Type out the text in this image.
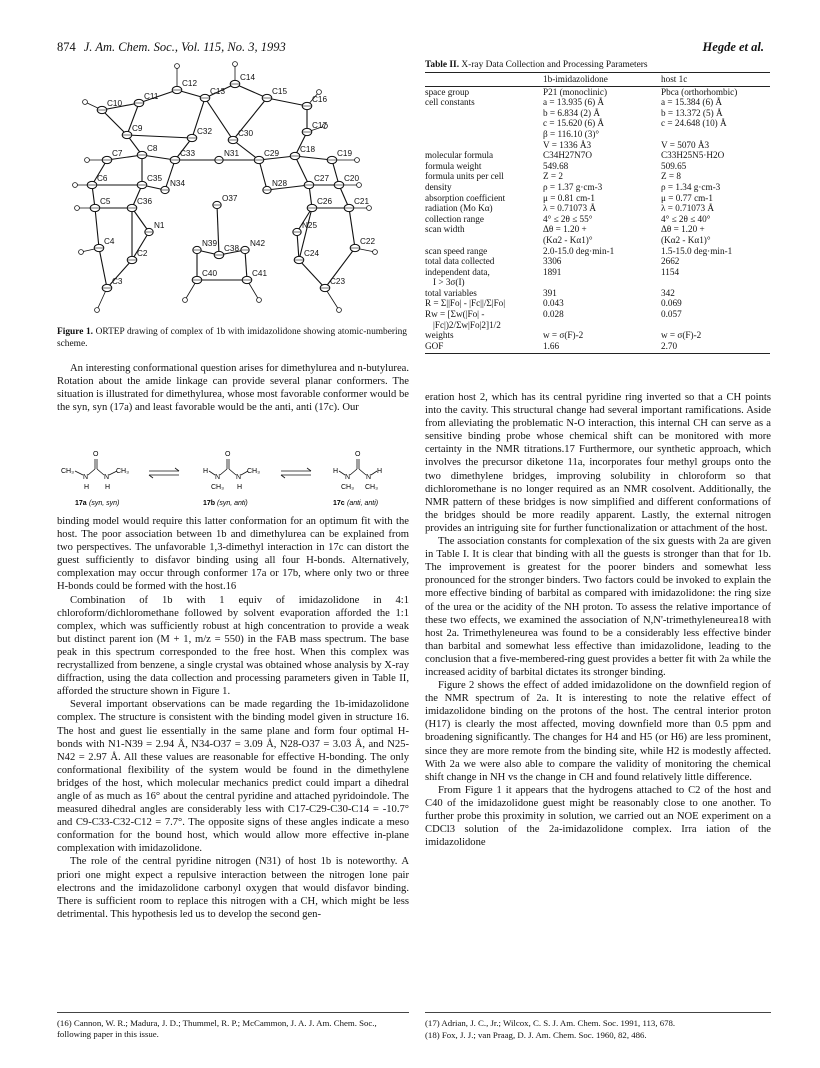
874 J. Am. Chem. Soc., Vol. 115, No. 3, 1993	Hegde et al.
C10
C11
C12
C13
C14
C15
C16
C9	C32	C30
C17
C8	C18
C7	C33	N31	C29	C19
C6	C35
N34	N28
C27 C20
C5	C36	O37	C26	C21
N1	N25
C4	N39
C38
N42	C22
C2	C24
C3
C40	C41
C23
Figure 1. ORTEP drawing of complex of 1b with imidazolidone showing atomic-numbering scheme.

An interesting conformational question arises for dimethylurea and n-butylurea. Rotation about the amide linkage can provide several planar conformers. The situation is illustrated for dimethylurea, whose most favorable conformer would be the syn, syn (17a) and least favorable would be the anti, anti (17c). Our

CH₃
N
O
N
CH₃
H H
H
N
O
N
CH₃
CH₃ H
H
N
O
N
H
CH₃ CH₃
17a (syn, syn)	17b (syn, anti)	17c (anti, anti)

binding model would require this latter conformation for an optimum fit with the host. The poor association between 1b and dimethylurea can be explained from two perspectives. The unfavorable 1,3-dimethyl interaction in 17c can distort the guest sufficiently to disfavor binding using all four H-bonds. Alternatively, complexation may occur through conformer 17a or 17b, where only two or three H-bonds could be formed with the host.16

Combination of 1b with 1 equiv of imidazolidone in 4:1 chloroform/dichloromethane followed by solvent evaporation afforded the 1:1 complex, which was sufficiently robust at high concentration to provide a weak but distinct parent ion (M + 1, m/z = 550) in the FAB mass spectrum. The base peak in this spectrum corresponded to the free host. When this complex was recrystallized from benzene, a single crystal was obtained whose analysis by X-ray diffraction, using the data collection and processing parameters given in Table II, afforded the structure shown in Figure 1.

Several important observations can be made regarding the 1b-imidazolidone complex. The structure is consistent with the binding model given in structure 16. The host and guest lie essentially in the same plane and form four optimal H-bonds with N1-N39 = 2.94 Å, N34-O37 = 3.09 Å, N28-O37 = 3.03 Å, and N25-N42 = 2.97 Å. All these values are reasonable for effective H-bonding. The only conformational flexibility of the system would be found in the dimethylene bridges of the host, which molecular mechanics predict could impart a dihedral angle of as much as 16° about the central pyridine and attached pyridoindole. The measured dihedral angles are considerably less with C17-C29-C30-C14 = -10.7° and C9-C33-C32-C12 = 7.7°. The opposite signs of these angles indicate a meso conformation for the bound host, which would allow more effective in-plane complexation with imidazolidone.

The role of the central pyridine nitrogen (N31) of host 1b is noteworthy. A priori one might expect a repulsive interaction between the nitrogen lone pair electrons and the imidazolidone carbonyl oxygen that would disfavor binding. There is sufficient room to replace this nitrogen with a CH, which might be less detrimental. This hypothesis led us to develop the second gen-

(16) Cannon, W. R.; Madura, J. D.; Thummel, R. P.; McCammon, J. A. J. Am. Chem. Soc., following paper in this issue.
Table II. X-ray Data Collection and Processing Parameters
	1b-imidazolidone	host 1c
space group	P21 (monoclinic)	Pbca (orthorhombic)
cell constants	a = 13.935 (6) Å	a = 15.384 (6) Å
	b = 6.834 (2) Å	b = 13.372 (5) Å
	c = 15.620 (6) Å	c = 24.648 (10) Å
	β = 116.10 (3)°	
	V = 1336 Å3	V = 5070 Å3
molecular formula	C34H27N7O	C33H25N5·H2O
formula weight	549.68	509.65
formula units per cell	Z = 2	Z = 8
density	ρ = 1.37 g·cm-3	ρ = 1.34 g·cm-3
absorption coefficient	μ = 0.81 cm-1	μ = 0.77 cm-1
radiation (Mo Kα)	λ = 0.71073 Å	λ = 0.71073 Å
collection range	4° ≤ 2θ ≤ 55°	4° ≤ 2θ ≤ 40°
scan width	Δθ = 1.20 +	Δθ = 1.20 +
	(Kα2 - Kα1)°	(Kα2 - Kα1)°
scan speed range	2.0-15.0 deg·min-1	1.5-15.0 deg·min-1
total data collected	3306	2662
independent data,	1891	1154
I > 3σ(I)		
total variables	391	342
R = Σ||Fo| - |Fc||/Σ|Fo|	0.043	0.069
Rw = [Σw(|Fo| -	0.028	0.057
|Fc|)2/Σw|Fo|2]1/2		
weights	w = σ(F)-2	w = σ(F)-2
GOF	1.66	2.70

eration host 2, which has its central pyridine ring inverted so that a CH points into the cavity. This structural change had several important ramifications. Aside from alleviating the problematic N-O interaction, this internal CH can serve as a sensitive binding probe whose chemical shift can be monitored with more certainty in the NMR titrations.17 Furthermore, our synthetic approach, which involves the precursor diketone 11a, incorporates four methyl groups onto the two dimethylene bridges, improving solubility in chloroform so that dichloromethane is no longer required as an NMR cosolvent. Additionally, the NMR pattern of these bridges is now simplified and different conformations of the bridges should be more readily apparent. Lastly, the external nitrogen provides an intriguing site for further functionalization or attachment of the host.

The association constants for complexation of the six guests with 2a are given in Table I. It is clear that binding with all the guests is stronger than that for 1b. The improvement is greatest for the poorer binders and somewhat less pronounced for the stronger binders. Two factors could be invoked to explain the more effective binding of barbital as compared with imidazolidone: the ring size of the urea or the acidity of the NH proton. To assess the relative importance of these two effects, we examined the association of N,N'-trimethyleneurea18 with host 2a. Trimethyleneurea was found to be a considerably less effective binder than barbital and somewhat less effective than imidazolidone, leading to the conclusion that a five-membered-ring guest provides a better fit with 2a while the increased acidity of barbital dictates its stronger binding.

Figure 2 shows the effect of added imidazolidone on the downfield region of the NMR spectrum of 2a. It is interesting to note the relative effect of imidazolidone binding on the protons of the host. The central interior proton (H17) is clearly the most affected, moving downfield more than 0.5 ppm and broadening significantly. The changes for H4 and H5 (or H6) are less prominent, since they are more remote from the binding site, while H2 is modestly affected. With 2a we were also able to compare the validity of monitoring the chemical shift change in NH vs the change in CH and found relatively little difference.

From Figure 1 it appears that the hydrogens attached to C2 of the host and C40 of the imidazolidone guest might be reasonably close to one another. To further probe this proximity in solution, we carried out an NOE experiment on a CDCl3 solution of the 2a-imidazolidone complex. Irra iation of the imidazolidone

(17) Adrian, J. C., Jr.; Wilcox, C. S. J. Am. Chem. Soc. 1991, 113, 678.
(18) Fox, J. J.; van Praag, D. J. Am. Chem. Soc. 1960, 82, 486.
